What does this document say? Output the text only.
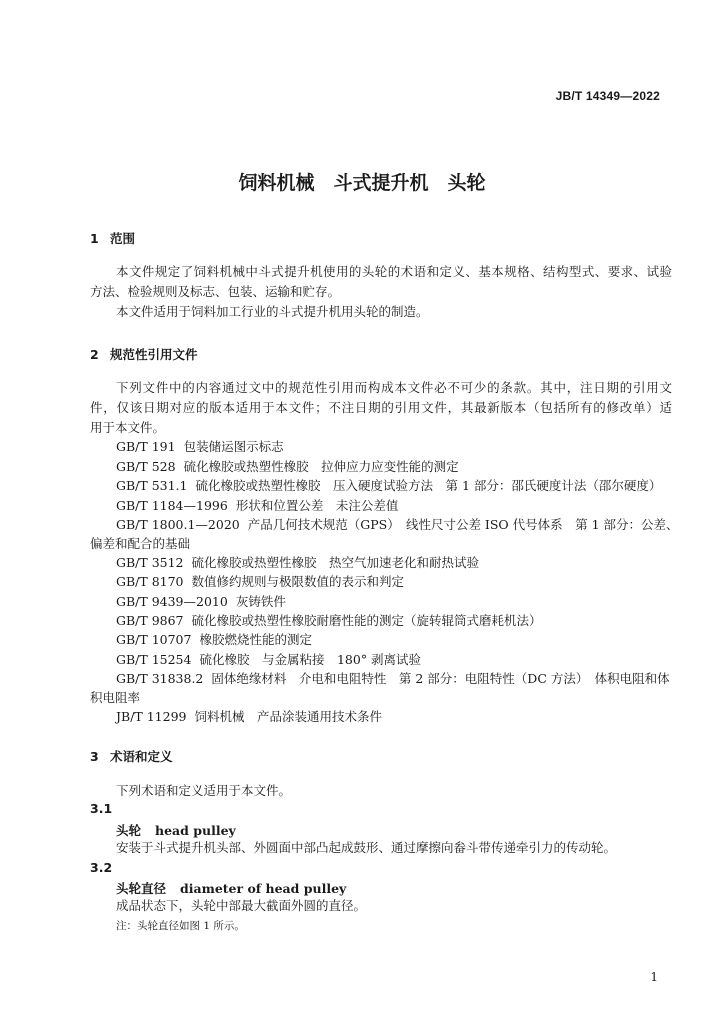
JB/T 14349—2022
饲料机械　斗式提升机　头轮
1 范围
本文件规定了饲料机械中斗式提升机使用的头轮的术语和定义、基本规格、结构型式、要求、试验
方法、检验规则及标志、包装、运输和贮存。
本文件适用于饲料加工行业的斗式提升机用头轮的制造。
2 规范性引用文件
下列文件中的内容通过文中的规范性引用而构成本文件必不可少的条款。其中，注日期的引用文
件，仅该日期对应的版本适用于本文件；不注日期的引用文件，其最新版本（包括所有的修改单）适
用于本文件。
GB/T 191 包装储运图示标志
GB/T 528 硫化橡胶或热塑性橡胶　拉伸应力应变性能的测定
GB/T 531.1 硫化橡胶或热塑性橡胶　压入硬度试验方法　第 1 部分：邵氏硬度计法（邵尔硬度）
GB/T 1184—1996 形状和位置公差　未注公差值
GB/T 1800.1—2020 产品几何技术规范（GPS）　线性尺寸公差 ISO 代号体系　第 1 部分：公差、
偏差和配合的基础
GB/T 3512 硫化橡胶或热塑性橡胶　热空气加速老化和耐热试验
GB/T 8170 数值修约规则与极限数值的表示和判定
GB/T 9439—2010 灰铸铁件
GB/T 9867 硫化橡胶或热塑性橡胶耐磨性能的测定（旋转辊筒式磨耗机法）
GB/T 10707 橡胶燃烧性能的测定
GB/T 15254 硫化橡胶　与金属粘接　180° 剥离试验
GB/T 31838.2 固体绝缘材料　介电和电阻特性　第 2 部分：电阻特性（DC 方法）　体积电阻和体
积电阻率
JB/T 11299 饲料机械　产品涂装通用技术条件
3 术语和定义
下列术语和定义适用于本文件。
3.1
头轮 head pulley
安装于斗式提升机头部、外圆面中部凸起成鼓形、通过摩擦向畚斗带传递牵引力的传动轮。
3.2
头轮直径 diameter of head pulley
成品状态下，头轮中部最大截面外圆的直径。
注：头轮直径如图 1 所示。
1
